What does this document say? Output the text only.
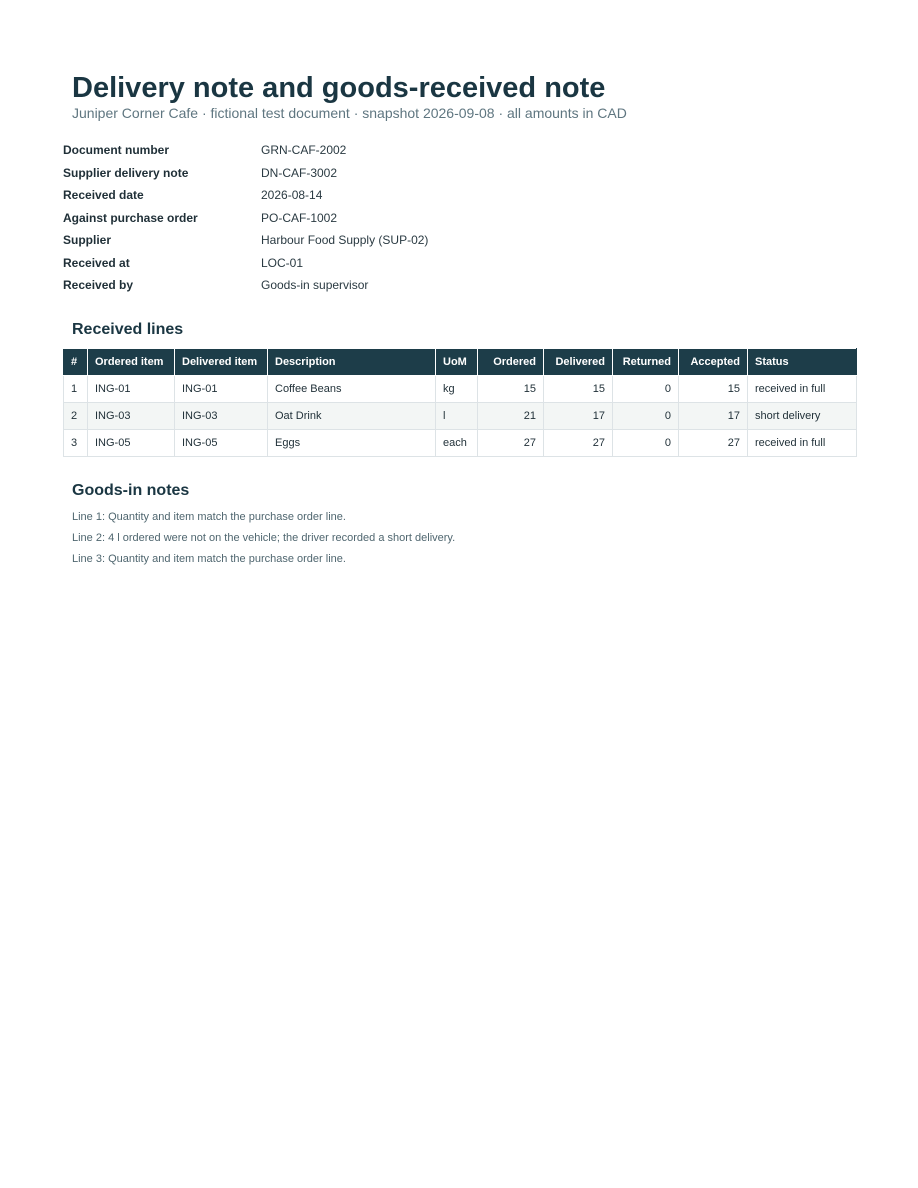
Delivery note and goods-received note

Juniper Corner Cafe · fictional test document · snapshot 2026-09-08 · all amounts in CAD

Document number	GRN-CAF-2002
Supplier delivery note	DN-CAF-3002
Received date	2026-08-14
Against purchase order	PO-CAF-1002
Supplier	Harbour Food Supply (SUP-02)
Received at	LOC-01
Received by	Goods-in supervisor
Received lines
#	Ordered item	Delivered item	Description	UoM	Ordered	Delivered	Returned	Accepted	Status
1	ING-01	ING-01	Coffee Beans	kg	15	15	0	15	received in full
2	ING-03	ING-03	Oat Drink	l	21	17	0	17	short delivery
3	ING-05	ING-05	Eggs	each	27	27	0	27	received in full
Goods-in notes
Line 1: Quantity and item match the purchase order line.
Line 2: 4 l ordered were not on the vehicle; the driver recorded a short delivery.
Line 3: Quantity and item match the purchase order line.
